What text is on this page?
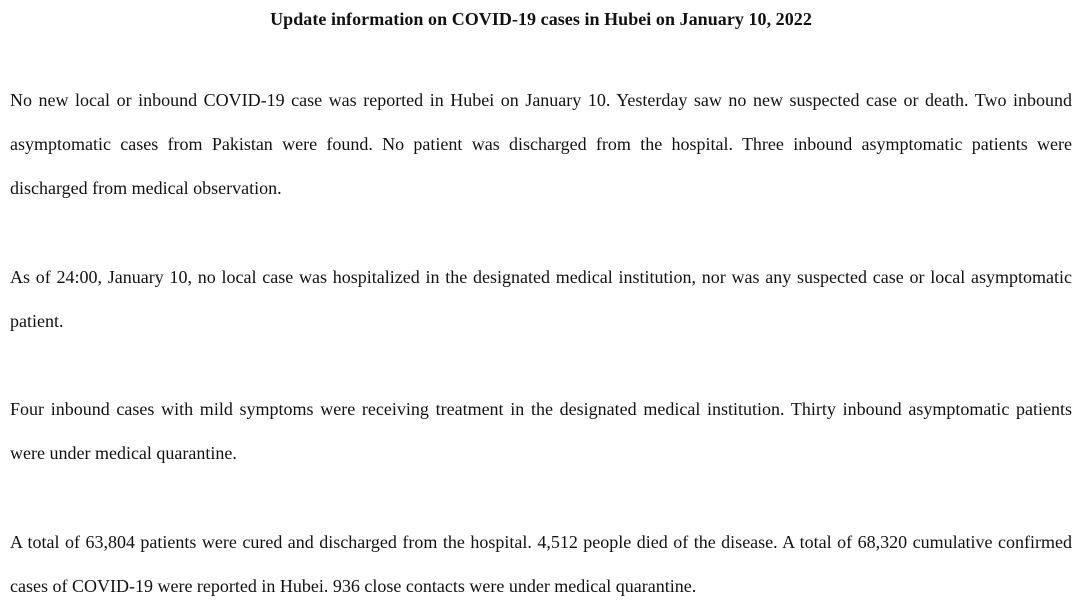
Update information on COVID-19 cases in Hubei on January 10, 2022

No new local or inbound COVID-19 case was reported in Hubei on January 10. Yesterday saw no new suspected case or death. Two inbound asymptomatic cases from Pakistan were found. No patient was discharged from the hospital. Three inbound asymptomatic patients were discharged from medical observation.

As of 24:00, January 10, no local case was hospitalized in the designated medical institution, nor was any suspected case or local asymptomatic patient.

Four inbound cases with mild symptoms were receiving treatment in the designated medical institution. Thirty inbound asymptomatic patients were under medical quarantine.

A total of 63,804 patients were cured and discharged from the hospital. 4,512 people died of the disease. A total of 68,320 cumulative confirmed cases of COVID-19 were reported in Hubei. 936 close contacts were under medical quarantine.
